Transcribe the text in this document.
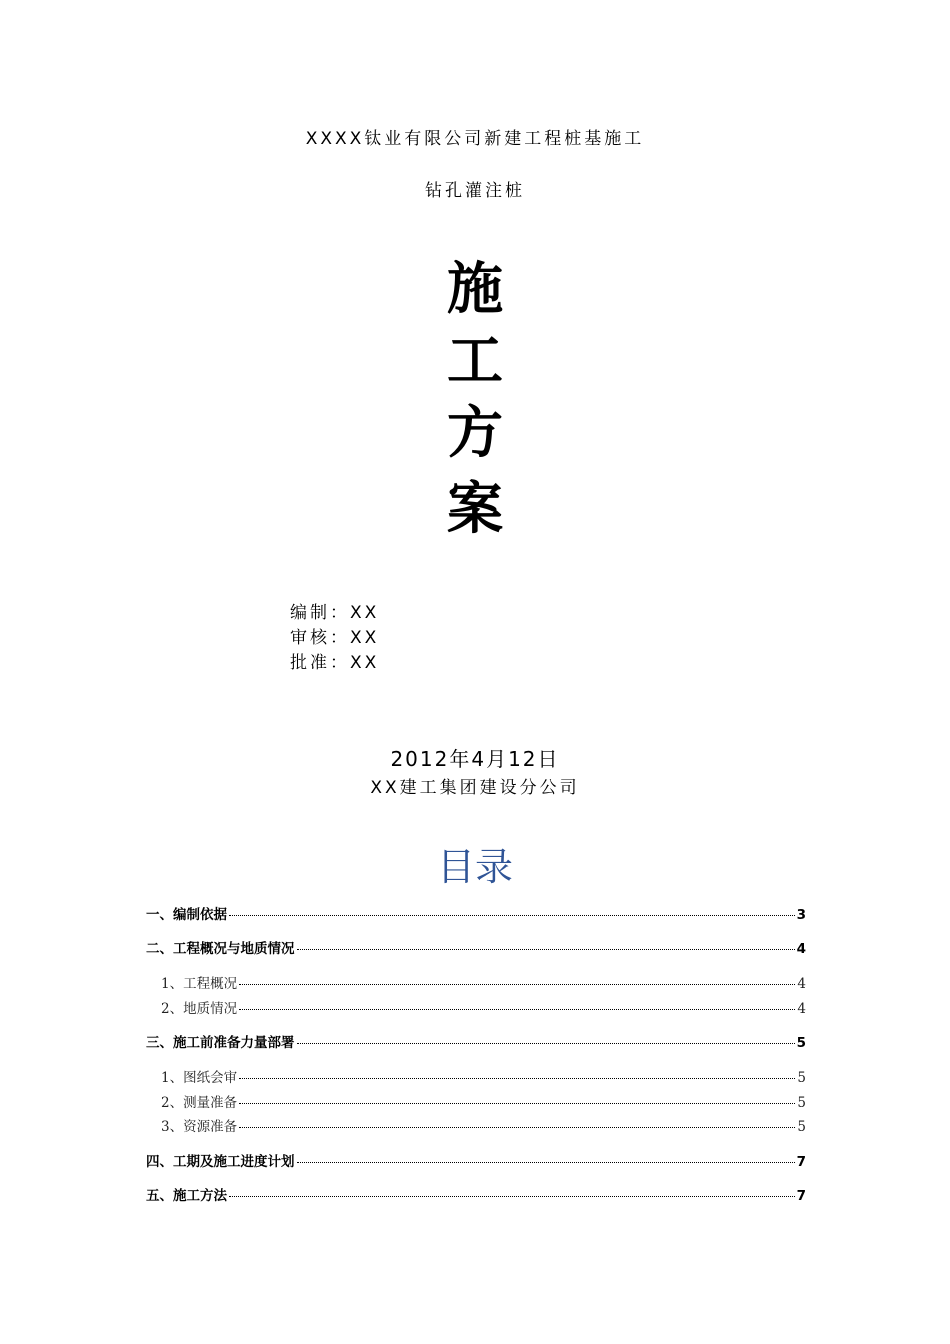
XXXX钛业有限公司新建工程桩基施工
钻孔灌注桩
施
工
方
案
编制：XX
审核：XX
批准：XX
2012年4月12日
XX建工集团建设分公司
目录
一、编制依据	3
二、工程概况与地质情况	4
1、工程概况	4
2、地质情况	4
三、施工前准备力量部署	5
1、图纸会审	5
2、测量准备	5
3、资源准备	5
四、工期及施工进度计划	7
五、施工方法	7
